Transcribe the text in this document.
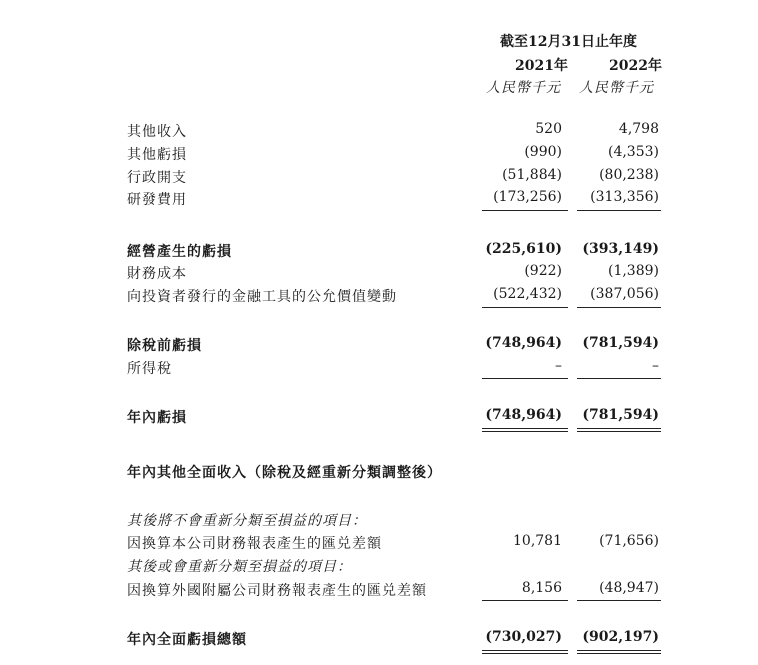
截至12月31日止年度
2021年	2022年
人民幣千元 人民幣千元
其他收入	520	4,798
其他虧損	(990)	(4,353)
行政開支	(51,884)	(80,238)
研發費用	(173,256)	(313,356)
經營產生的虧損	(225,610)	(393,149)
財務成本	(922)	(1,389)
向投資者發行的金融工具的公允價值變動	(522,432)	(387,056)
除稅前虧損	(748,964)	(781,594)
所得稅	–	–
年內虧損	(748,964)	(781,594)
年內其他全面收入（除稅及經重新分類調整後）
其後將不會重新分類至損益的項目：
因換算本公司財務報表產生的匯兑差額	10,781	(71,656)
其後或會重新分類至損益的項目：
因換算外國附屬公司財務報表產生的匯兑差額	8,156	(48,947)
年內全面虧損總額	(730,027)	(902,197)
